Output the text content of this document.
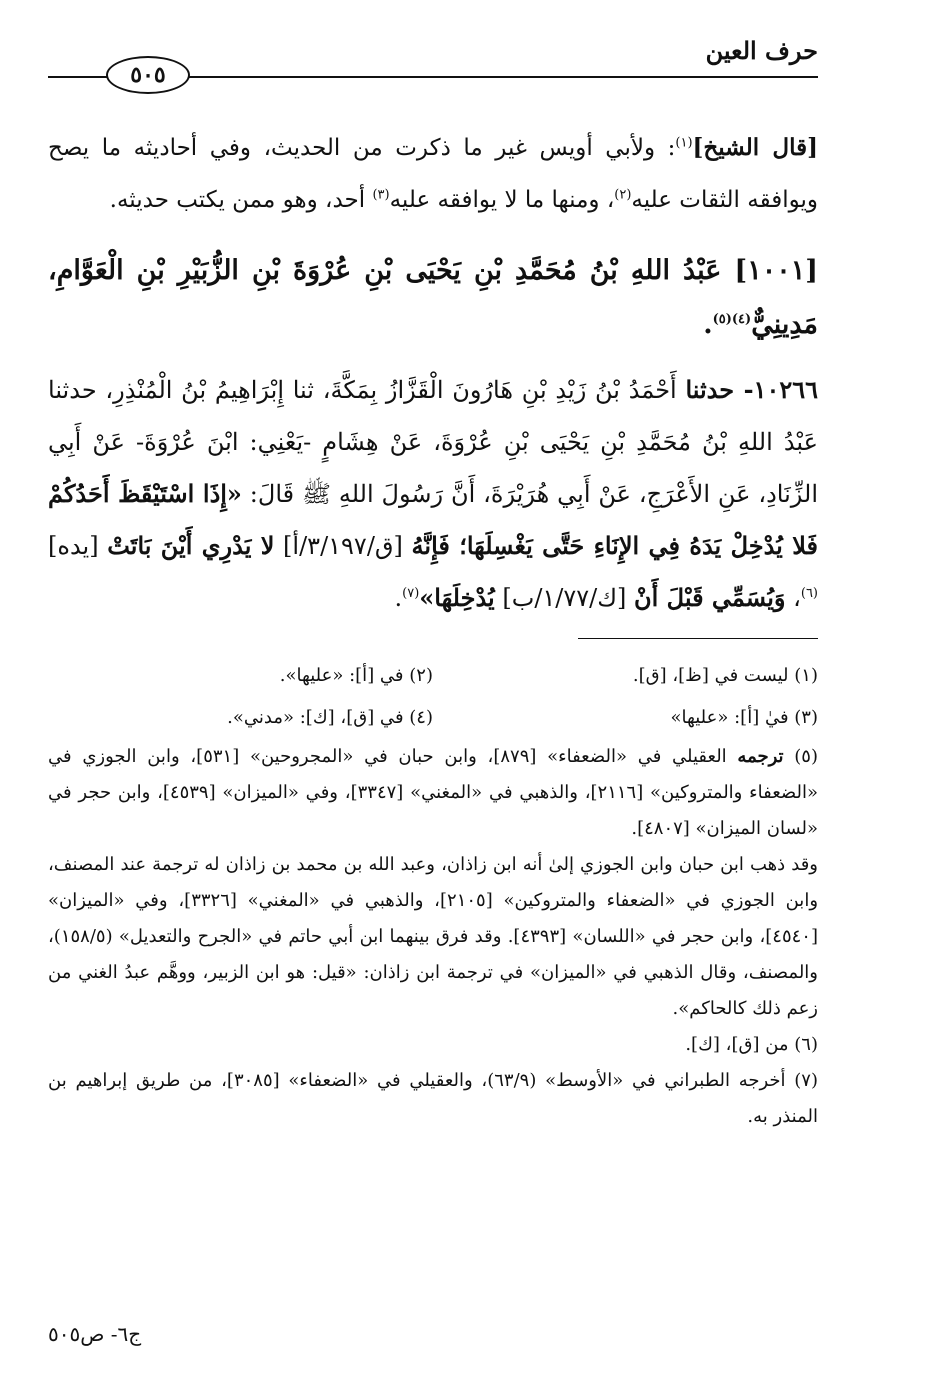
حرف العين
٥٠٥

[قال الشيخ]$^{(١)}$: ولأبي أويس غير ما ذكرت من الحديث، وفي أحاديثه ما يصح ويوافقه الثقات عليه$^{(٢)}$، ومنها ما لا يوافقه عليه$^{(٣)}$ أحد، وهو ممن يكتب حديثه.

[١٠٠١] عَبْدُ اللهِ بْنُ مُحَمَّدِ بْنِ يَحْيَى بْنِ عُرْوَةَ بْنِ الزُّبَيْرِ بْنِ الْعَوَّامِ، مَدِينِيٌّ$^{(٤)(٥)}$.

١٠٢٦٦- حدثنا أَحْمَدُ بْنُ زَيْدِ بْنِ هَارُونَ الْقَزَّازُ بِمَكَّةَ، ثنا إِبْرَاهِيمُ بْنُ الْمُنْذِرِ، حدثنا عَبْدُ اللهِ بْنُ مُحَمَّدِ بْنِ يَحْيَى بْنِ عُرْوَةَ، عَنْ هِشَامٍ -يَعْنِي: ابْنَ عُرْوَةَ- عَنْ أَبِي الزِّنَادِ، عَنِ الأَعْرَجِ، عَنْ أَبِي هُرَيْرَةَ، أَنَّ رَسُولَ اللهِ ﷺ قَالَ: «إِذَا اسْتَيْقَظَ أَحَدُكُمْ فَلا يُدْخِلْ يَدَهُ فِي الإِنَاءِ حَتَّى يَغْسِلَهَا؛ فَإِنَّهُ [ق/٣/١٩٧/أ] لا يَدْرِي أَيْنَ بَاتَتْ [يده]$^{(٦)}$، وَيُسَمِّي قَبْلَ أَنْ [ك/١/٧٧/ب] يُدْخِلَهَا»$^{(٧)}$.

(١) ليست في [ظ]، [ق].
(٢) في [أ]: «عليها».
(٣) فيٰ [أ]: «عليها»
(٤) في [ق]، [ك]: «مدني».

(٥) ترجمه العقيلي في «الضعفاء» [٨٧٩]، وابن حبان في «المجروحين» [٥٣١]، وابن الجوزي في «الضعفاء والمتروكين» [٢١١٦]، والذهبي في «المغني» [٣٣٤٧]، وفي «الميزان» [٤٥٣٩]، وابن حجر في «لسان الميزان» [٤٨٠٧].

وقد ذهب ابن حبان وابن الجوزي إلىٰ أنه ابن زاذان، وعبد الله بن محمد بن زاذان له ترجمة عند المصنف، وابن الجوزي في «الضعفاء والمتروكين» [٢١٠٥]، والذهبي في «المغني» [٣٣٢٦]، وفي «الميزان» [٤٥٤٠]، وابن حجر في «اللسان» [٤٣٩٣]. وقد فرق بينهما ابن أبي حاتم في «الجرح والتعديل» (١٥٨/٥)، والمصنف، وقال الذهبي في «الميزان» في ترجمة ابن زاذان: «قيل: هو ابن الزبير، ووهَّم عبدُ الغني من زعم ذلك كالحاكم».

(٦) من [ق]، [ك].

(٧) أخرجه الطبراني في «الأوسط» (٦٣/٩)، والعقيلي في «الضعفاء» [٣٠٨٥]، من طريق إبراهيم بن المنذر به.

ج٦- ص٥٠٥
